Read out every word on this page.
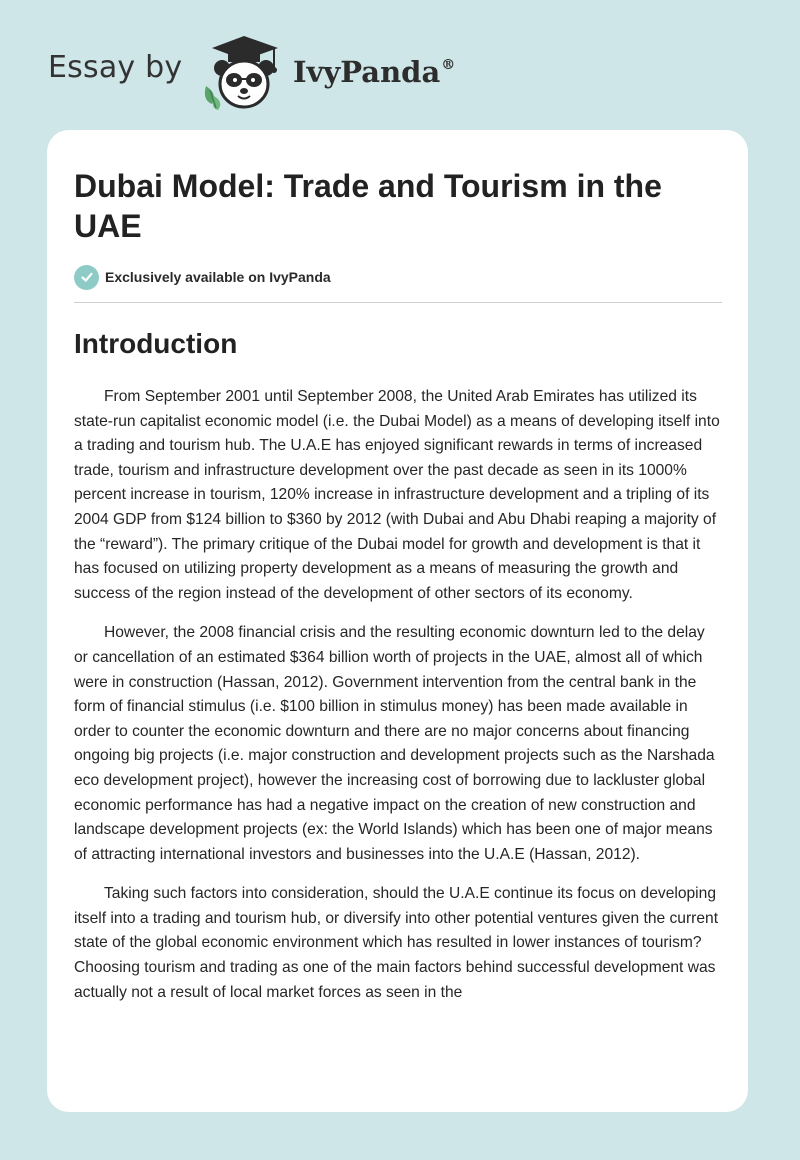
Essay by	IvyPanda®
Dubai Model: Trade and Tourism in the UAE
Exclusively available on IvyPanda
Introduction

From September 2001 until September 2008, the United Arab Emirates has utilized its state-run capitalist economic model (i.e. the Dubai Model) as a means of developing itself into a trading and tourism hub. The U.A.E has enjoyed significant rewards in terms of increased trade, tourism and infrastructure development over the past decade as seen in its 1000% percent increase in tourism, 120% increase in infrastructure development and a tripling of its 2004 GDP from $124 billion to $360 by 2012 (with Dubai and Abu Dhabi reaping a majority of the “reward”). The primary critique of the Dubai model for growth and development is that it has focused on utilizing property development as a means of measuring the growth and success of the region instead of the development of other sectors of its economy.

However, the 2008 financial crisis and the resulting economic downturn led to the delay or cancellation of an estimated $364 billion worth of projects in the UAE, almost all of which were in construction (Hassan, 2012). Government intervention from the central bank in the form of financial stimulus (i.e. $100 billion in stimulus money) has been made available in order to counter the economic downturn and there are no major concerns about financing ongoing big projects (i.e. major construction and development projects such as the Narshada eco development project), however the increasing cost of borrowing due to lackluster global economic performance has had a negative impact on the creation of new construction and landscape development projects (ex: the World Islands) which has been one of major means of attracting international investors and businesses into the U.A.E (Hassan, 2012).

Taking such factors into consideration, should the U.A.E continue its focus on developing itself into a trading and tourism hub, or diversify into other potential ventures given the current state of the global economic environment which has resulted in lower instances of tourism? Choosing tourism and trading as one of the main factors behind successful development was actually not a result of local market forces as seen in the
